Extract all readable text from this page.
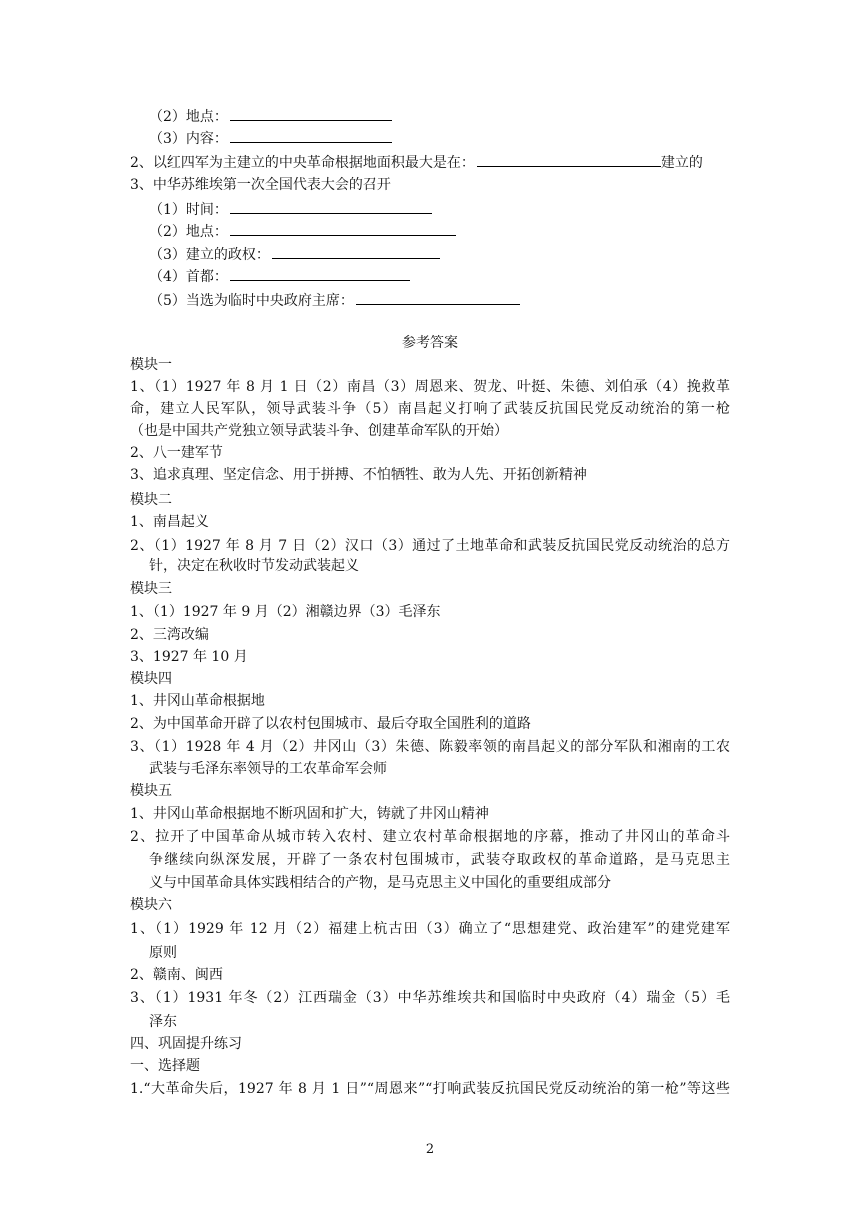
（2）地点：
（3）内容：
2、以红四军为主建立的中央革命根据地面积最大是在：	建立的
3、中华苏维埃第一次全国代表大会的召开
（1）时间：
（2）地点：
（3）建立的政权：
（4）首都：
（5）当选为临时中央政府主席：
参考答案
模块一
1、（1）1927 年 8 月 1 日（2）南昌（3）周恩来、贺龙、叶挺、朱德、刘伯承（4）挽救革
命，建立人民军队，领导武装斗争（5）南昌起义打响了武装反抗国民党反动统治的第一枪
（也是中国共产党独立领导武装斗争、创建革命军队的开始）
2、八一建军节
3、追求真理、坚定信念、用于拼搏、不怕牺牲、敢为人先、开拓创新精神
模块二
1、南昌起义
2、（1）1927 年 8 月 7 日（2）汉口（3）通过了土地革命和武装反抗国民党反动统治的总方
针，决定在秋收时节发动武装起义
模块三
1、（1）1927 年 9 月（2）湘赣边界（3）毛泽东
2、三湾改编
3、1927 年 10 月
模块四
1、井冈山革命根据地
2、为中国革命开辟了以农村包围城市、最后夺取全国胜利的道路
3、（1）1928 年 4 月（2）井冈山（3）朱德、陈毅率领的南昌起义的部分军队和湘南的工农
武装与毛泽东率领导的工农革命军会师
模块五
1、井冈山革命根据地不断巩固和扩大，铸就了井冈山精神
2、拉开了中国革命从城市转入农村、建立农村革命根据地的序幕，推动了井冈山的革命斗
争继续向纵深发展，开辟了一条农村包围城市，武装夺取政权的革命道路，是马克思主
义与中国革命具体实践相结合的产物，是马克思主义中国化的重要组成部分
模块六
1、（1）1929 年 12 月（2）福建上杭古田（3）确立了“思想建党、政治建军”的建党建军
原则
2、赣南、闽西
3、（1）1931 年冬（2）江西瑞金（3）中华苏维埃共和国临时中央政府（4）瑞金（5）毛
泽东
四、巩固提升练习
一、选择题
1.“大革命失后，1927 年 8 月 1 日”“周恩来”“打响武装反抗国民党反动统治的第一枪”等这些
2
